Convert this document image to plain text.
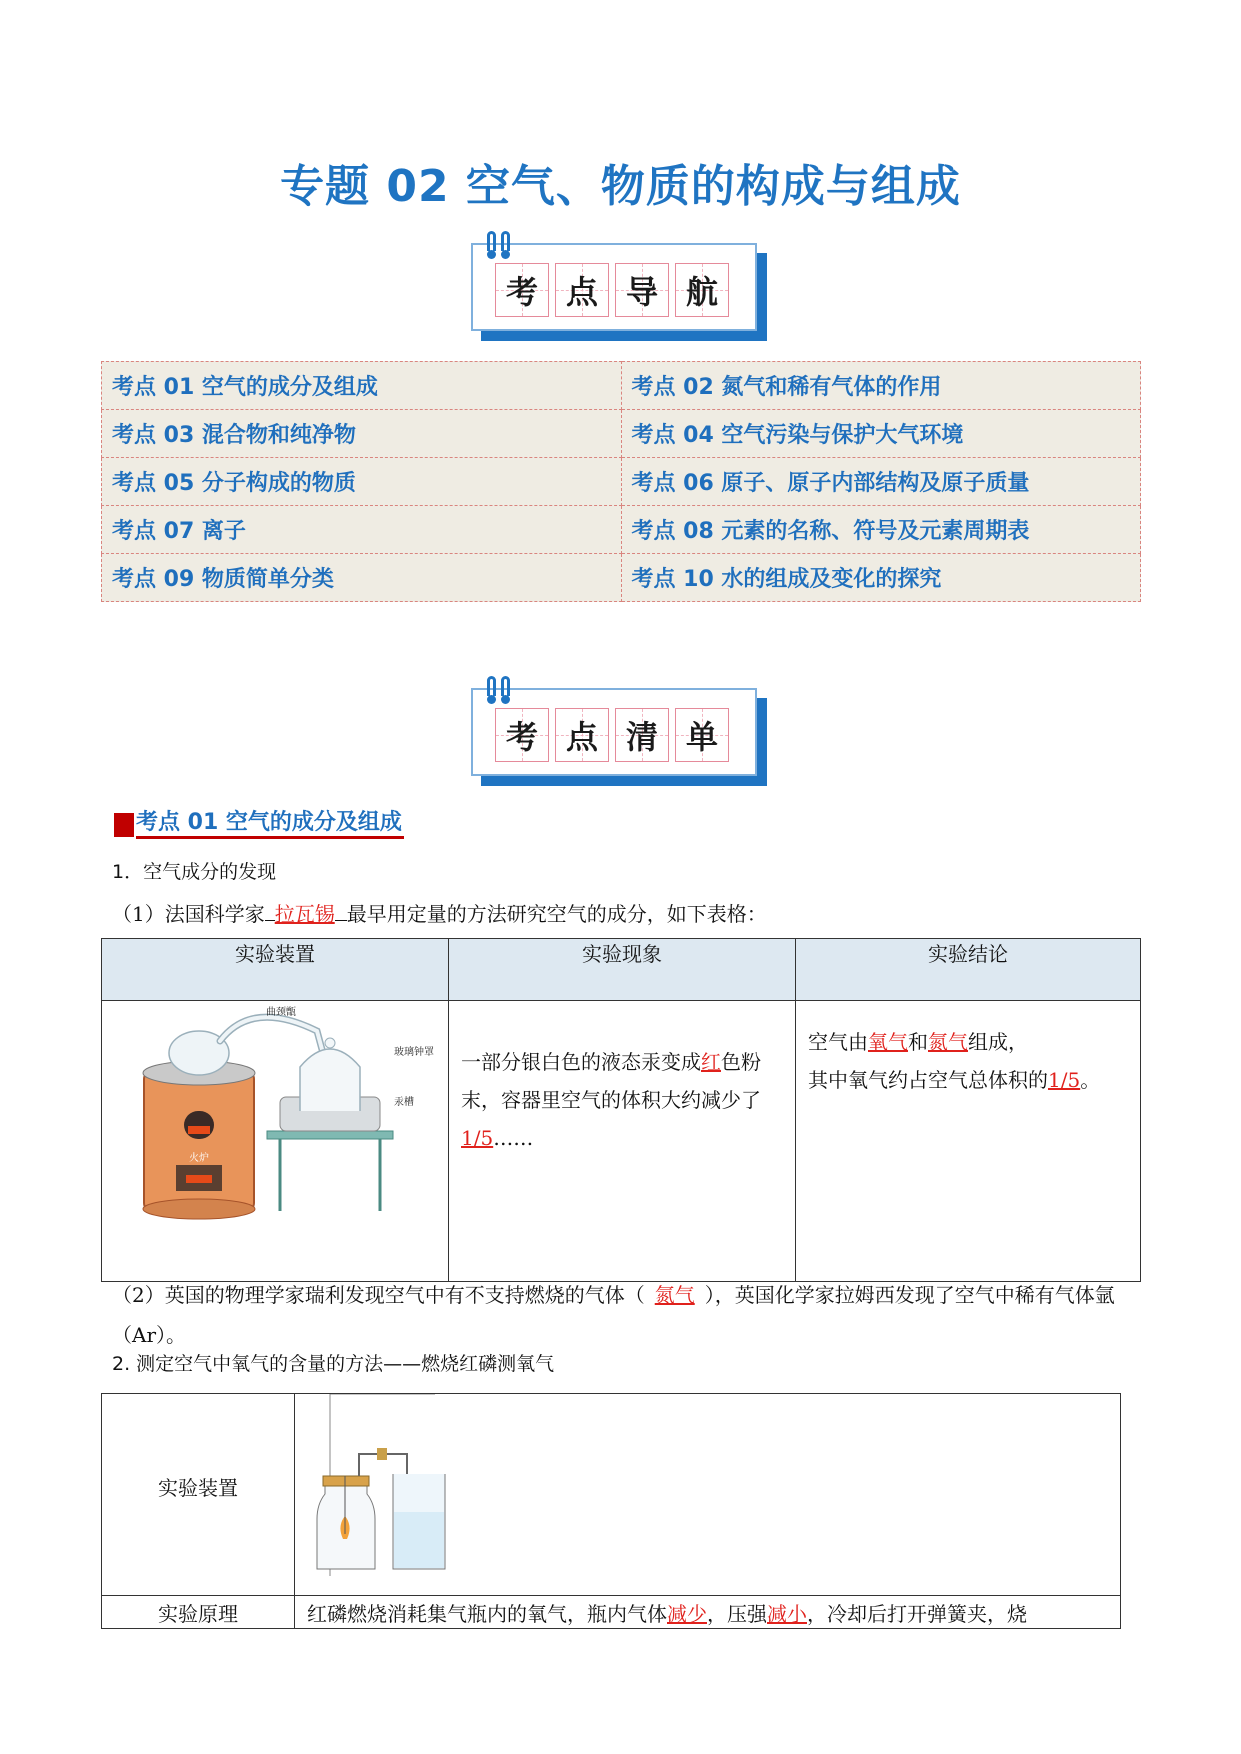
专题 02 空气、物质的构成与组成
考 点 导 航
考点 01 空气的成分及组成	考点 02 氮气和稀有气体的作用
考点 03 混合物和纯净物	考点 04 空气污染与保护大气环境
考点 05 分子构成的物质	考点 06 原子、原子内部结构及原子质量
考点 07 离子	考点 08 元素的名称、符号及元素周期表
考点 09 物质简单分类	考点 10 水的组成及变化的探究
考 点 清 单
考点 01 空气的成分及组成
1．空气成分的发现
（1）法国科学家 拉瓦锡 最早用定量的方法研究空气的成分，如下表格：
实验装置	实验现象	实验结论

火炉
曲颈甑
玻璃钟罩
汞槽	一部分银白色的液态汞变成红色粉末，容器里空气的体积大约减少了1/5……	空气由氧气和氮气组成，
其中氧气约占空气总体积的1/5。
（2）英国的物理学家瑞利发现空气中有不支持燃烧的气体（ 氮气 ），英国化学家拉姆西发现了空气中稀有气体氩（Ar）。
2. 测定空气中氧气的含量的方法——燃烧红磷测氧气
实验装置	

实验原理	红磷燃烧消耗集气瓶内的氧气，瓶内气体减少，压强减小，冷却后打开弹簧夹，烧
